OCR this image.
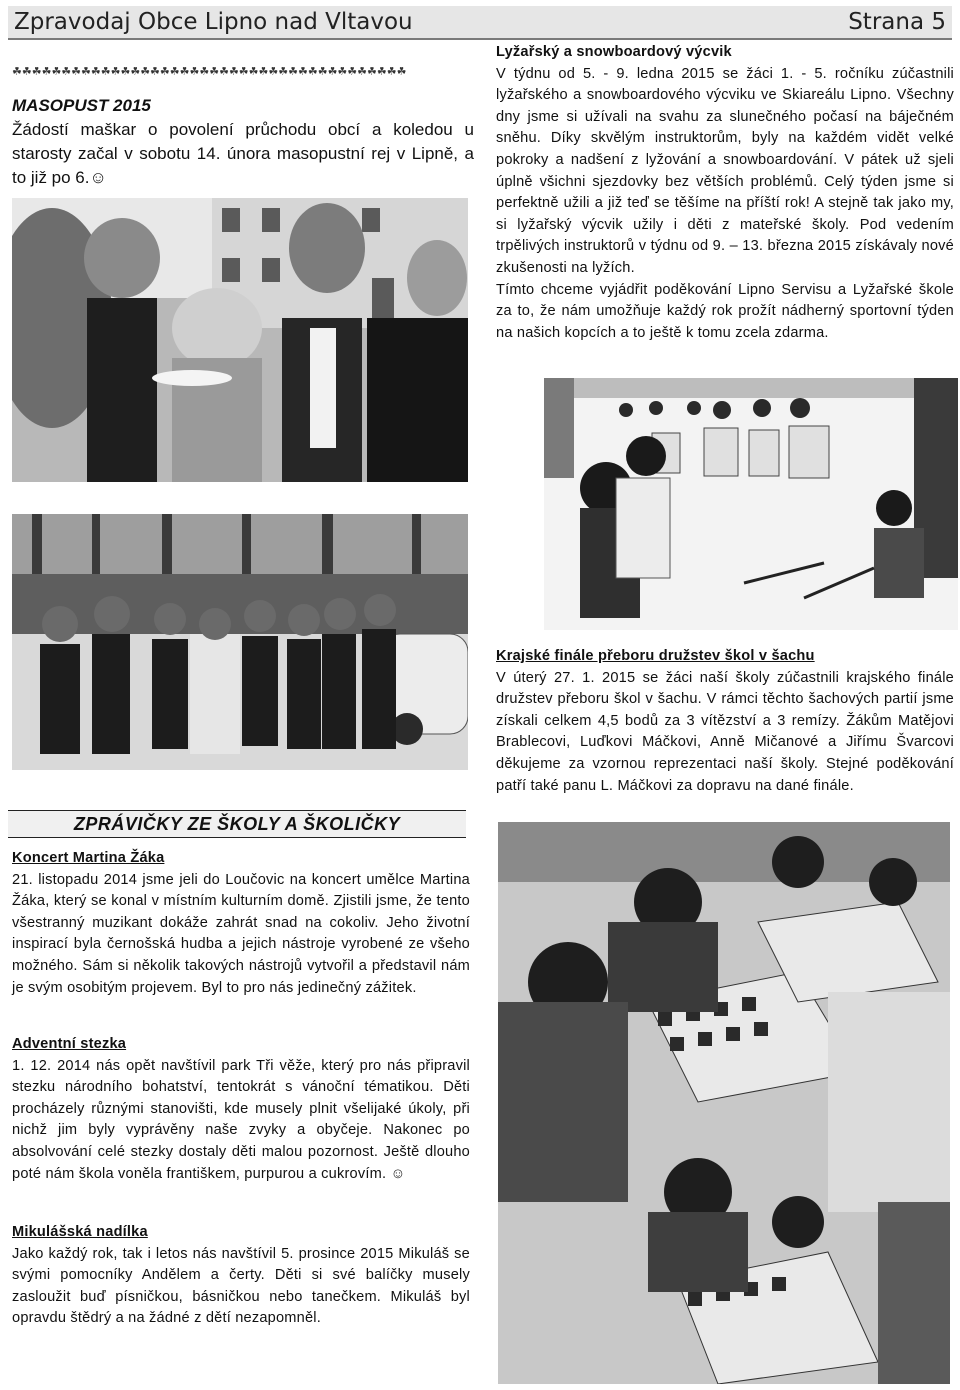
Zpravodaj Obce Lipno nad Vltavou	Strana 5
☘☘☘☘☘☘☘☘☘☘☘☘☘☘☘☘☘☘☘☘☘☘☘☘☘☘☘☘☘☘☘☘☘☘☘☘☘☘☘☘
MASOPUST 2015
Žádostí maškar o povolení průchodu obcí a koledou u starosty začal v sobotu 14. února masopustní rej v Lipně, a to již po 6.☺
Lyžařský a snowboardový výcvik
V týdnu od 5. - 9. ledna 2015 se žáci 1. - 5. ročníku zúčastnili lyžařského a snowboardového výcviku ve Skiareálu Lipno. Všechny dny jsme si užívali na svahu za slunečného počasí na báječném sněhu. Díky skvělým instruktorům, byly na každém vidět velké pokroky a nadšení z lyžování a snowboardování. V pátek už sjeli úplně všichni sjezdovky bez větších problémů. Celý týden jsme si perfektně užili a již teď se těšíme na příští rok! A stejně tak jako my, si lyžařský výcvik užily i děti z mateřské školy. Pod vedením trpělivých instruktorů v týdnu od 9. – 13. března 2015 získávaly nové zkušenosti na lyžích.
Tímto chceme vyjádřit poděkování Lipno Servisu a Lyžařské škole za to, že nám umožňuje každý rok prožít nádherný sportovní týden na našich kopcích a to ještě k tomu zcela zdarma.
Krajské finále přeboru družstev škol v šachu
V úterý 27. 1. 2015 se žáci naší školy zúčastnili krajského finále družstev přeboru škol v šachu. V rámci těchto šachových partií jsme získali celkem 4,5 bodů za 3 vítězství a 3 remízy. Žákům Matějovi Brablecovi, Luďkovi Máčkovi, Anně Mičanové a Jiřímu Švarcovi děkujeme za vzornou reprezentaci naší školy. Stejné poděkování patří také panu L. Máčkovi za dopravu na dané finále.
ZPRÁVIČKY ZE ŠKOLY A ŠKOLIČKY
Koncert Martina Žáka
21. listopadu 2014 jsme jeli do Loučovic na koncert umělce Martina Žáka, který se konal v místním kulturním domě. Zjistili jsme, že tento všestranný muzikant dokáže zahrát snad na cokoliv. Jeho životní inspirací byla černošská hudba a jejich nástroje vyrobené ze všeho možného. Sám si několik takových nástrojů vytvořil a představil nám je svým osobitým projevem. Byl to pro nás jedinečný zážitek.
Adventní stezka
1. 12. 2014 nás opět navštívil park Tři věže, který pro nás připravil stezku národního bohatství, tentokrát s vánoční tématikou. Děti procházely různými stanovišti, kde musely plnit všelijaké úkoly, při nichž jim byly vyprávěny naše zvyky a obyčeje. Nakonec po absolvování celé stezky dostaly děti malou pozornost. Ještě dlouho poté nám škola voněla františkem, purpurou a cukrovím. ☺
Mikulášská nadílka
Jako každý rok, tak i letos nás navštívil 5. prosince 2015 Mikuláš se svými pomocníky Andělem a čerty. Děti si své balíčky musely zasloužit buď písničkou, básničkou nebo tanečkem. Mikuláš byl opravdu štědrý a na žádné z dětí nezapomněl.
